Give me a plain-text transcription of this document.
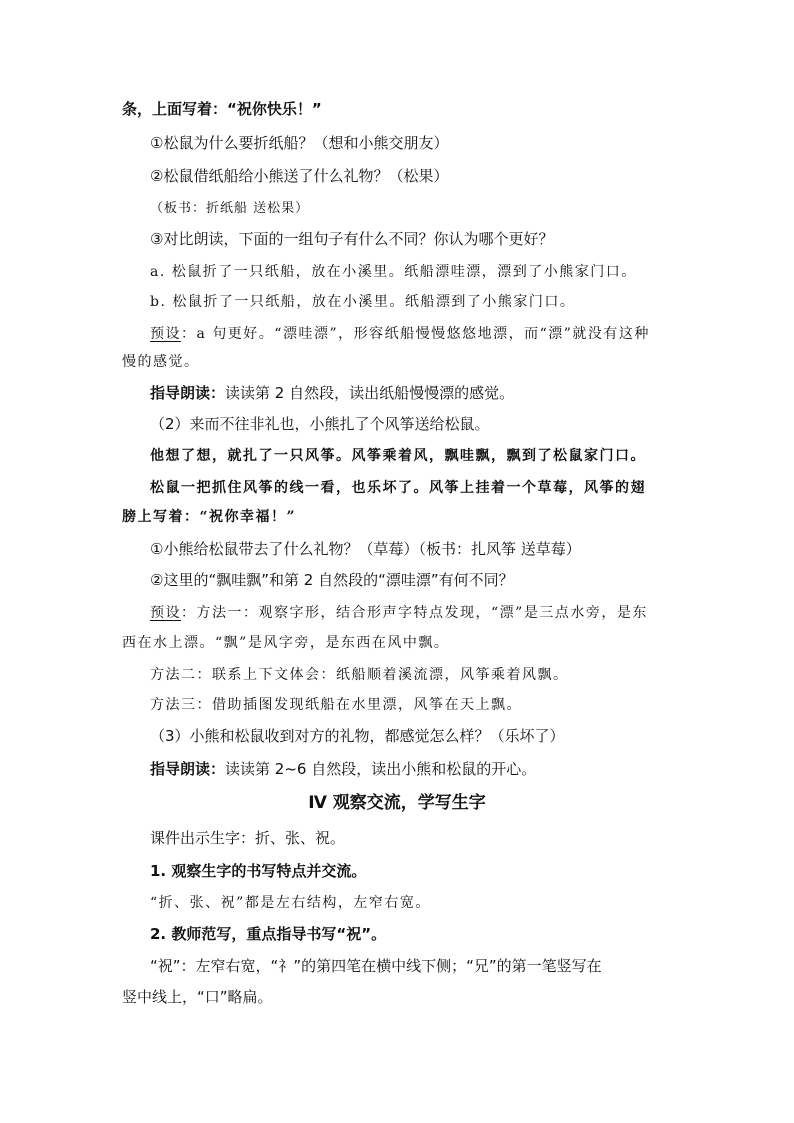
条，上面写着：“祝你快乐！”
①松鼠为什么要折纸船？（想和小熊交朋友）
②松鼠借纸船给小熊送了什么礼物？（松果）
（板书：折纸船 送松果）
③对比朗读，下面的一组句子有什么不同？你认为哪个更好？
a. 松鼠折了一只纸船，放在小溪里。纸船漂哇漂，漂到了小熊家门口。
b. 松鼠折了一只纸船，放在小溪里。纸船漂到了小熊家门口。
预设：a 句更好。“漂哇漂”，形容纸船慢慢悠悠地漂，而“漂”就没有这种
慢的感觉。
指导朗读：读读第 2 自然段，读出纸船慢慢漂的感觉。
（2）来而不往非礼也，小熊扎了个风筝送给松鼠。
他想了想，就扎了一只风筝。风筝乘着风，飘哇飘，飘到了松鼠家门口。
松鼠一把抓住风筝的线一看，也乐坏了。风筝上挂着一个草莓，风筝的翅
膀上写着：“祝你幸福！”
①小熊给松鼠带去了什么礼物？（草莓）（板书：扎风筝 送草莓）
②这里的“飘哇飘”和第 2 自然段的“漂哇漂”有何不同？
预设：方法一：观察字形，结合形声字特点发现，“漂”是三点水旁，是东
西在水上漂。“飘”是风字旁，是东西在风中飘。
方法二：联系上下文体会：纸船顺着溪流漂，风筝乘着风飘。
方法三：借助插图发现纸船在水里漂，风筝在天上飘。
（3）小熊和松鼠收到对方的礼物，都感觉怎么样？（乐坏了）
指导朗读：读读第 2~6 自然段，读出小熊和松鼠的开心。
Ⅳ 观察交流，学写生字
课件出示生字：折、张、祝。
1. 观察生字的书写特点并交流。
“折、张、祝”都是左右结构，左窄右宽。
2. 教师范写，重点指导书写“祝”。
“祝”：左窄右宽，“礻”的第四笔在横中线下侧；“兄”的第一笔竖写在
竖中线上，“口”略扁。
